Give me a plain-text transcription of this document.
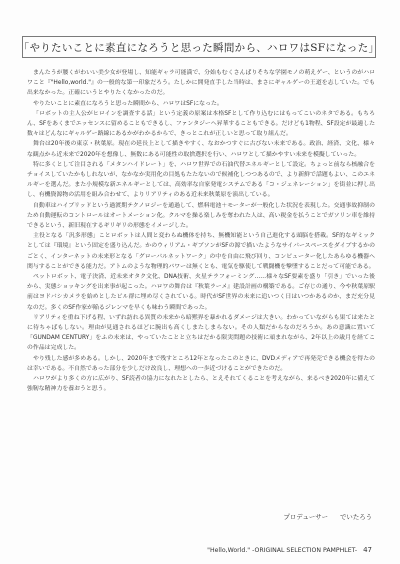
「やりたいことに素直になろうと思った瞬間から、ハロワはSFになった」

まんたうが腰くがわいい美少女が登場し、知能ギャラ可能満で、分始もむくさんぱりそちな学園モノの萌えゲー、というのがハロワこと『"Hello,world."』の一般的な第一印象だろう。たしかに開発直手した当時は、まさにギャルゲーの王道を志していた。でも出来なかった。正確にいうとやりたくなかったのだ。

やりたいことに素直になろうと思った瞬間から、ハロワはSFになった。

「ロボットの主人公がヒロインを調査する話」という定義の原案は本格SFとして作り込むにはもってこいのネタである。もちろん、SFをあくまでエッセンスに留めることもできるし、ファンタジーへ昇華することもできる。だけども1物程、SF設定が最適した数々はどんなにギャルゲー路線にあるかがわかるからで、きっとこれが正しいと思って取り組んだ。

舞台は20年後の東京・秋葉原。現在の延長上として描きやすく、なおかつすぐに古びない未来である。政治、経済、文化、様々な観点から近未来で2020年を想像し、無数にある可能性の取捨選択を行い、ハロワとして描かやすい未来を模擬していった。

特に多くとして注目される「メタンハイドレート」を、ハロワ世界での石油代替エネルギーとして設定。ちょっと前なら核融合をチョイスしていたかもしれないが、なかなか実用化の目処もたたないので候補化しつつあるので、より新鮮で話題もよい、このエネルギーを選んだ。また小規模な新エネルギーとしては、高効率な自家発電システムである「コ・ジェネレーション」を街並に押し出し、有機資源物の活用を組み合わせて、よりリアリティのある近未来秋葉原を演出している。

自動車はハイブリッドという過渡期テクノロジーを通過して、燃料電池＋モーターが一般化した状況を表現した。交通事故抑制のため自動運転のコントロールはオートメーション化。クルマを操る楽しみを奪われた人は、高い税金を払うことでガソリン車を維持できるという、新旧現在するギリギリの形態をイメージした。

主役となる「汎多形態」ことロボットは人間と変わらぬ機体を持ち、無機知能という自己進化する頭脳を搭載。SF的なギミックとしては『環境』という固定を盛り込んだ。かのウィリアム・ギブソンがSFの源で描いたようなサイバースペースをダイブするかのごとく、インターネットの未来形となる「グローバルネットワーク」の中を自由に飛び回り、コンピューター化したあらゆる機器へ関与することができる能力だ。アトムのような物理的パワーは無くとも、電気を駆使して戦闘機を撃墜することだって可能である。

ペットロボット、電子決済、近未来オタク文化、DNA技術、火星テラフォーミング……様々なSF要素を盛り「引き」でいった後から、実態ショッキングを出来事が起こった。ハロワの舞台は『秋葉ラーメ』建設計画の構築である。ご存じの通り、今や秋葉原駅前はヨドバシカメラを始めとしたビル群に埋め尽くされている。時代がSF世界の未来に追いつく日はいつかあるのか、まだ充分見なのだ。多くのSF作家が陥るジレンマを早くも味わう瞬間であった。

リアリティを重ね下げる程、いずれ訪れる異質の未来から暗黙界を暴かれるダメージは大きい。わかっていながらも果ては来たとに待ちゃばもしない。理由が見通されるほどに腕出も高くしまたしまらない。その人類だからなのだろうか。あの意識に置いて「GUNDAM CENTURY」をふの未来は、やっていたことと立ちはだかる限実問題の技術に頑まれながら、2年以上の歳月を経てこの作品は完成した。

やり残した感が多めある。しかし、2020年まで残すところ12年となったこのときに、DVDメディアで再発売できる機会を得たのは幸いである。不自然であった部分を少しだけ改良し、理想への一歩近づけることができたのだ。

ハロワがより多くの方に広がり、SF読者の協力になれたとしたら、とえそれてくることを考えながら、来るべき2020年に備えて強靭な精神力を養おうと思う。

プロデューサー でいたろう
"Hello,World." -ORIGINAL SELECTION PAMPHLET- 47
